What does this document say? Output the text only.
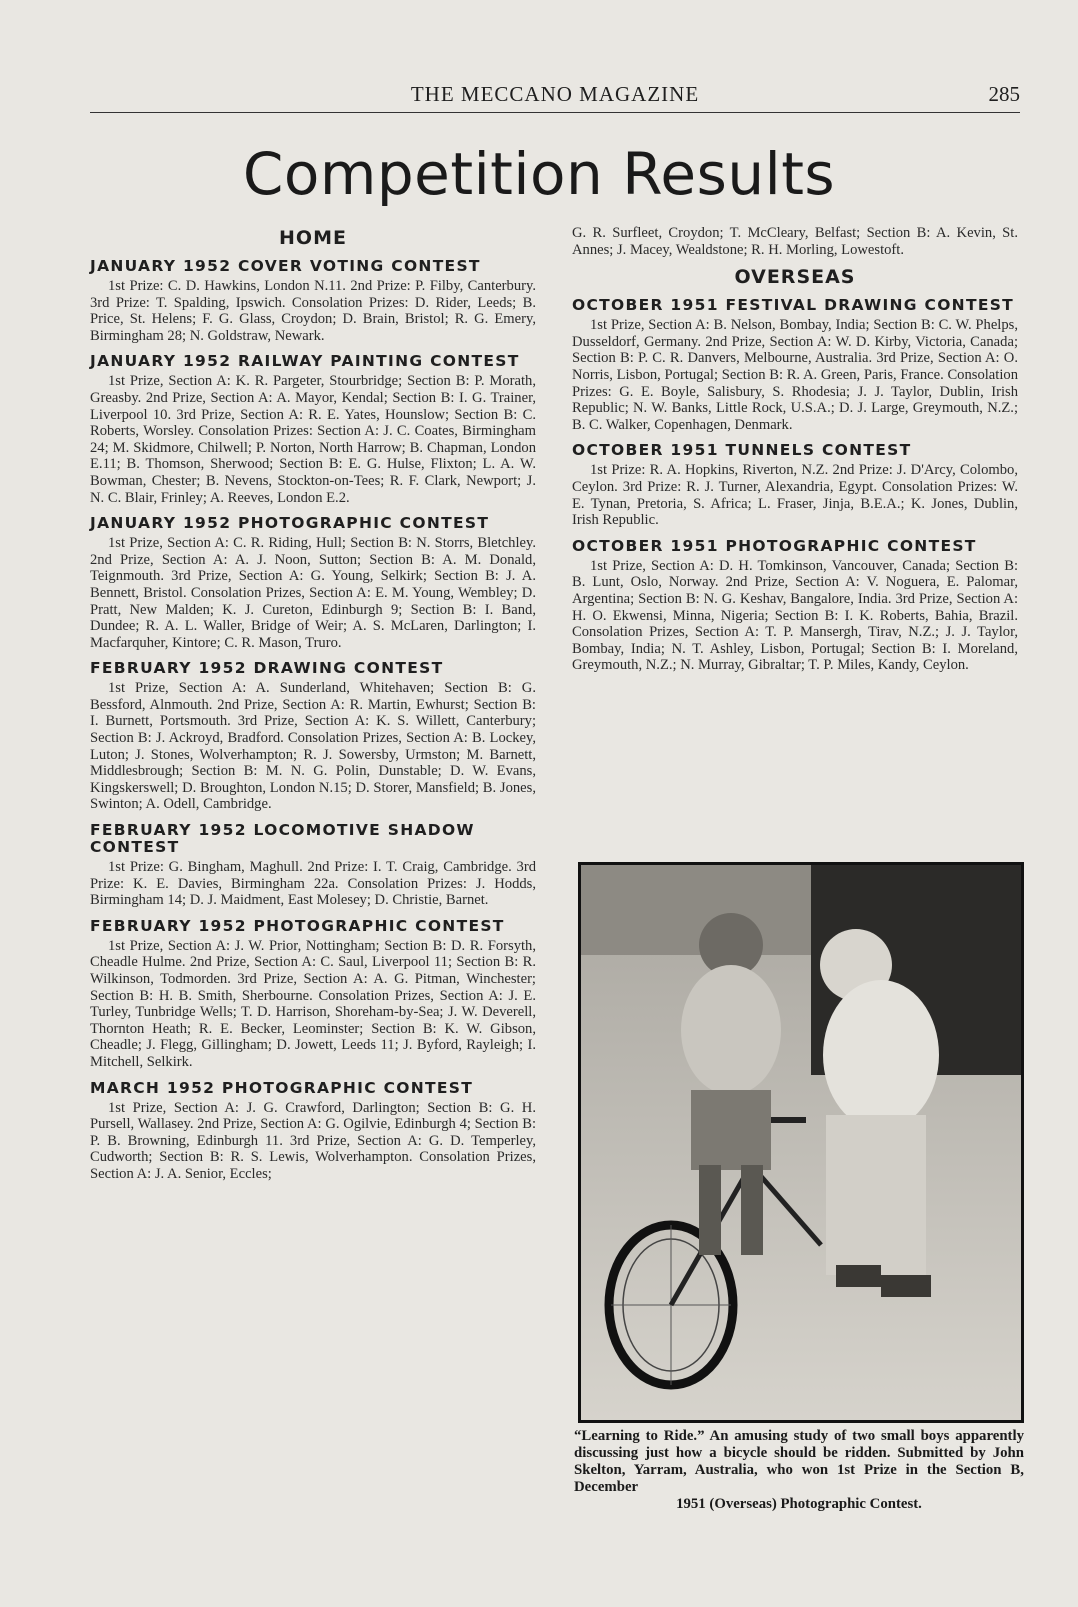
THE MECCANO MAGAZINE	285
Competition Results
HOME
JANUARY 1952 COVER VOTING CONTEST

1st Prize: C. D. Hawkins, London N.11. 2nd Prize: P. Filby, Canterbury. 3rd Prize: T. Spalding, Ipswich. Consolation Prizes: D. Rider, Leeds; B. Price, St. Helens; F. G. Glass, Croydon; D. Brain, Bristol; R. G. Emery, Birmingham 28; N. Goldstraw, Newark.

JANUARY 1952 RAILWAY PAINTING CONTEST

1st Prize, Section A: K. R. Pargeter, Stourbridge; Section B: P. Morath, Greasby. 2nd Prize, Section A: A. Mayor, Kendal; Section B: I. G. Trainer, Liverpool 10. 3rd Prize, Section A: R. E. Yates, Hounslow; Section B: C. Roberts, Worsley. Consolation Prizes: Section A: J. C. Coates, Birmingham 24; M. Skidmore, Chilwell; P. Norton, North Harrow; B. Chapman, London E.11; B. Thomson, Sherwood; Section B: E. G. Hulse, Flixton; L. A. W. Bowman, Chester; B. Nevens, Stockton-on-Tees; R. F. Clark, Newport; J. N. C. Blair, Frinley; A. Reeves, London E.2.

JANUARY 1952 PHOTOGRAPHIC CONTEST

1st Prize, Section A: C. R. Riding, Hull; Section B: N. Storrs, Bletchley. 2nd Prize, Section A: A. J. Noon, Sutton; Section B: A. M. Donald, Teignmouth. 3rd Prize, Section A: G. Young, Selkirk; Section B: J. A. Bennett, Bristol. Consolation Prizes, Section A: E. M. Young, Wembley; D. Pratt, New Malden; K. J. Cureton, Edinburgh 9; Section B: I. Band, Dundee; R. A. L. Waller, Bridge of Weir; A. S. McLaren, Darlington; I. Macfarquher, Kintore; C. R. Mason, Truro.

FEBRUARY 1952 DRAWING CONTEST

1st Prize, Section A: A. Sunderland, Whitehaven; Section B: G. Bessford, Alnmouth. 2nd Prize, Section A: R. Martin, Ewhurst; Section B: I. Burnett, Portsmouth. 3rd Prize, Section A: K. S. Willett, Canterbury; Section B: J. Ackroyd, Bradford. Consolation Prizes, Section A: B. Lockey, Luton; J. Stones, Wolverhampton; R. J. Sowersby, Urmston; M. Barnett, Middlesbrough; Section B: M. N. G. Polin, Dunstable; D. W. Evans, Kingskerswell; D. Broughton, London N.15; D. Storer, Mansfield; B. Jones, Swinton; A. Odell, Cambridge.

FEBRUARY 1952 LOCOMOTIVE SHADOW CONTEST

1st Prize: G. Bingham, Maghull. 2nd Prize: I. T. Craig, Cambridge. 3rd Prize: K. E. Davies, Birmingham 22a. Consolation Prizes: J. Hodds, Birmingham 14; D. J. Maidment, East Molesey; D. Christie, Barnet.

FEBRUARY 1952 PHOTOGRAPHIC CONTEST

1st Prize, Section A: J. W. Prior, Nottingham; Section B: D. R. Forsyth, Cheadle Hulme. 2nd Prize, Section A: C. Saul, Liverpool 11; Section B: R. Wilkinson, Todmorden. 3rd Prize, Section A: A. G. Pitman, Winchester; Section B: H. B. Smith, Sherbourne. Consolation Prizes, Section A: J. E. Turley, Tunbridge Wells; T. D. Harrison, Shoreham-by-Sea; J. W. Deverell, Thornton Heath; R. E. Becker, Leominster; Section B: K. W. Gibson, Cheadle; J. Flegg, Gillingham; D. Jowett, Leeds 11; J. Byford, Rayleigh; I. Mitchell, Selkirk.

MARCH 1952 PHOTOGRAPHIC CONTEST

1st Prize, Section A: J. G. Crawford, Darlington; Section B: G. H. Pursell, Wallasey. 2nd Prize, Section A: G. Ogilvie, Edinburgh 4; Section B: P. B. Browning, Edinburgh 11. 3rd Prize, Section A: G. D. Temperley, Cudworth; Section B: R. S. Lewis, Wolverhampton. Consolation Prizes, Section A: J. A. Senior, Eccles;

G. R. Surfleet, Croydon; T. McCleary, Belfast; Section B: A. Kevin, St. Annes; J. Macey, Wealdstone; R. H. Morling, Lowestoft.

OVERSEAS
OCTOBER 1951 FESTIVAL DRAWING CONTEST

1st Prize, Section A: B. Nelson, Bombay, India; Section B: C. W. Phelps, Dusseldorf, Germany. 2nd Prize, Section A: W. D. Kirby, Victoria, Canada; Section B: P. C. R. Danvers, Melbourne, Australia. 3rd Prize, Section A: O. Norris, Lisbon, Portugal; Section B: R. A. Green, Paris, France. Consolation Prizes: G. E. Boyle, Salisbury, S. Rhodesia; J. J. Taylor, Dublin, Irish Republic; N. W. Banks, Little Rock, U.S.A.; D. J. Large, Greymouth, N.Z.; B. C. Walker, Copenhagen, Denmark.

OCTOBER 1951 TUNNELS CONTEST

1st Prize: R. A. Hopkins, Riverton, N.Z. 2nd Prize: J. D'Arcy, Colombo, Ceylon. 3rd Prize: R. J. Turner, Alexandria, Egypt. Consolation Prizes: W. E. Tynan, Pretoria, S. Africa; L. Fraser, Jinja, B.E.A.; K. Jones, Dublin, Irish Republic.

OCTOBER 1951 PHOTOGRAPHIC CONTEST

1st Prize, Section A: D. H. Tomkinson, Vancouver, Canada; Section B: B. Lunt, Oslo, Norway. 2nd Prize, Section A: V. Noguera, E. Palomar, Argentina; Section B: N. G. Keshav, Bangalore, India. 3rd Prize, Section A: H. O. Ekwensi, Minna, Nigeria; Section B: I. K. Roberts, Bahia, Brazil. Consolation Prizes, Section A: T. P. Mansergh, Tirav, N.Z.; J. J. Taylor, Bombay, India; N. T. Ashley, Lisbon, Portugal; Section B: I. Moreland, Greymouth, N.Z.; N. Murray, Gibraltar; T. P. Miles, Kandy, Ceylon.

“Learning to Ride.” An amusing study of two small boys apparently discussing just how a bicycle should be ridden. Submitted by John Skelton, Yarram, Australia, who won 1st Prize in the Section B, December
1951 (Overseas) Photographic Contest.
